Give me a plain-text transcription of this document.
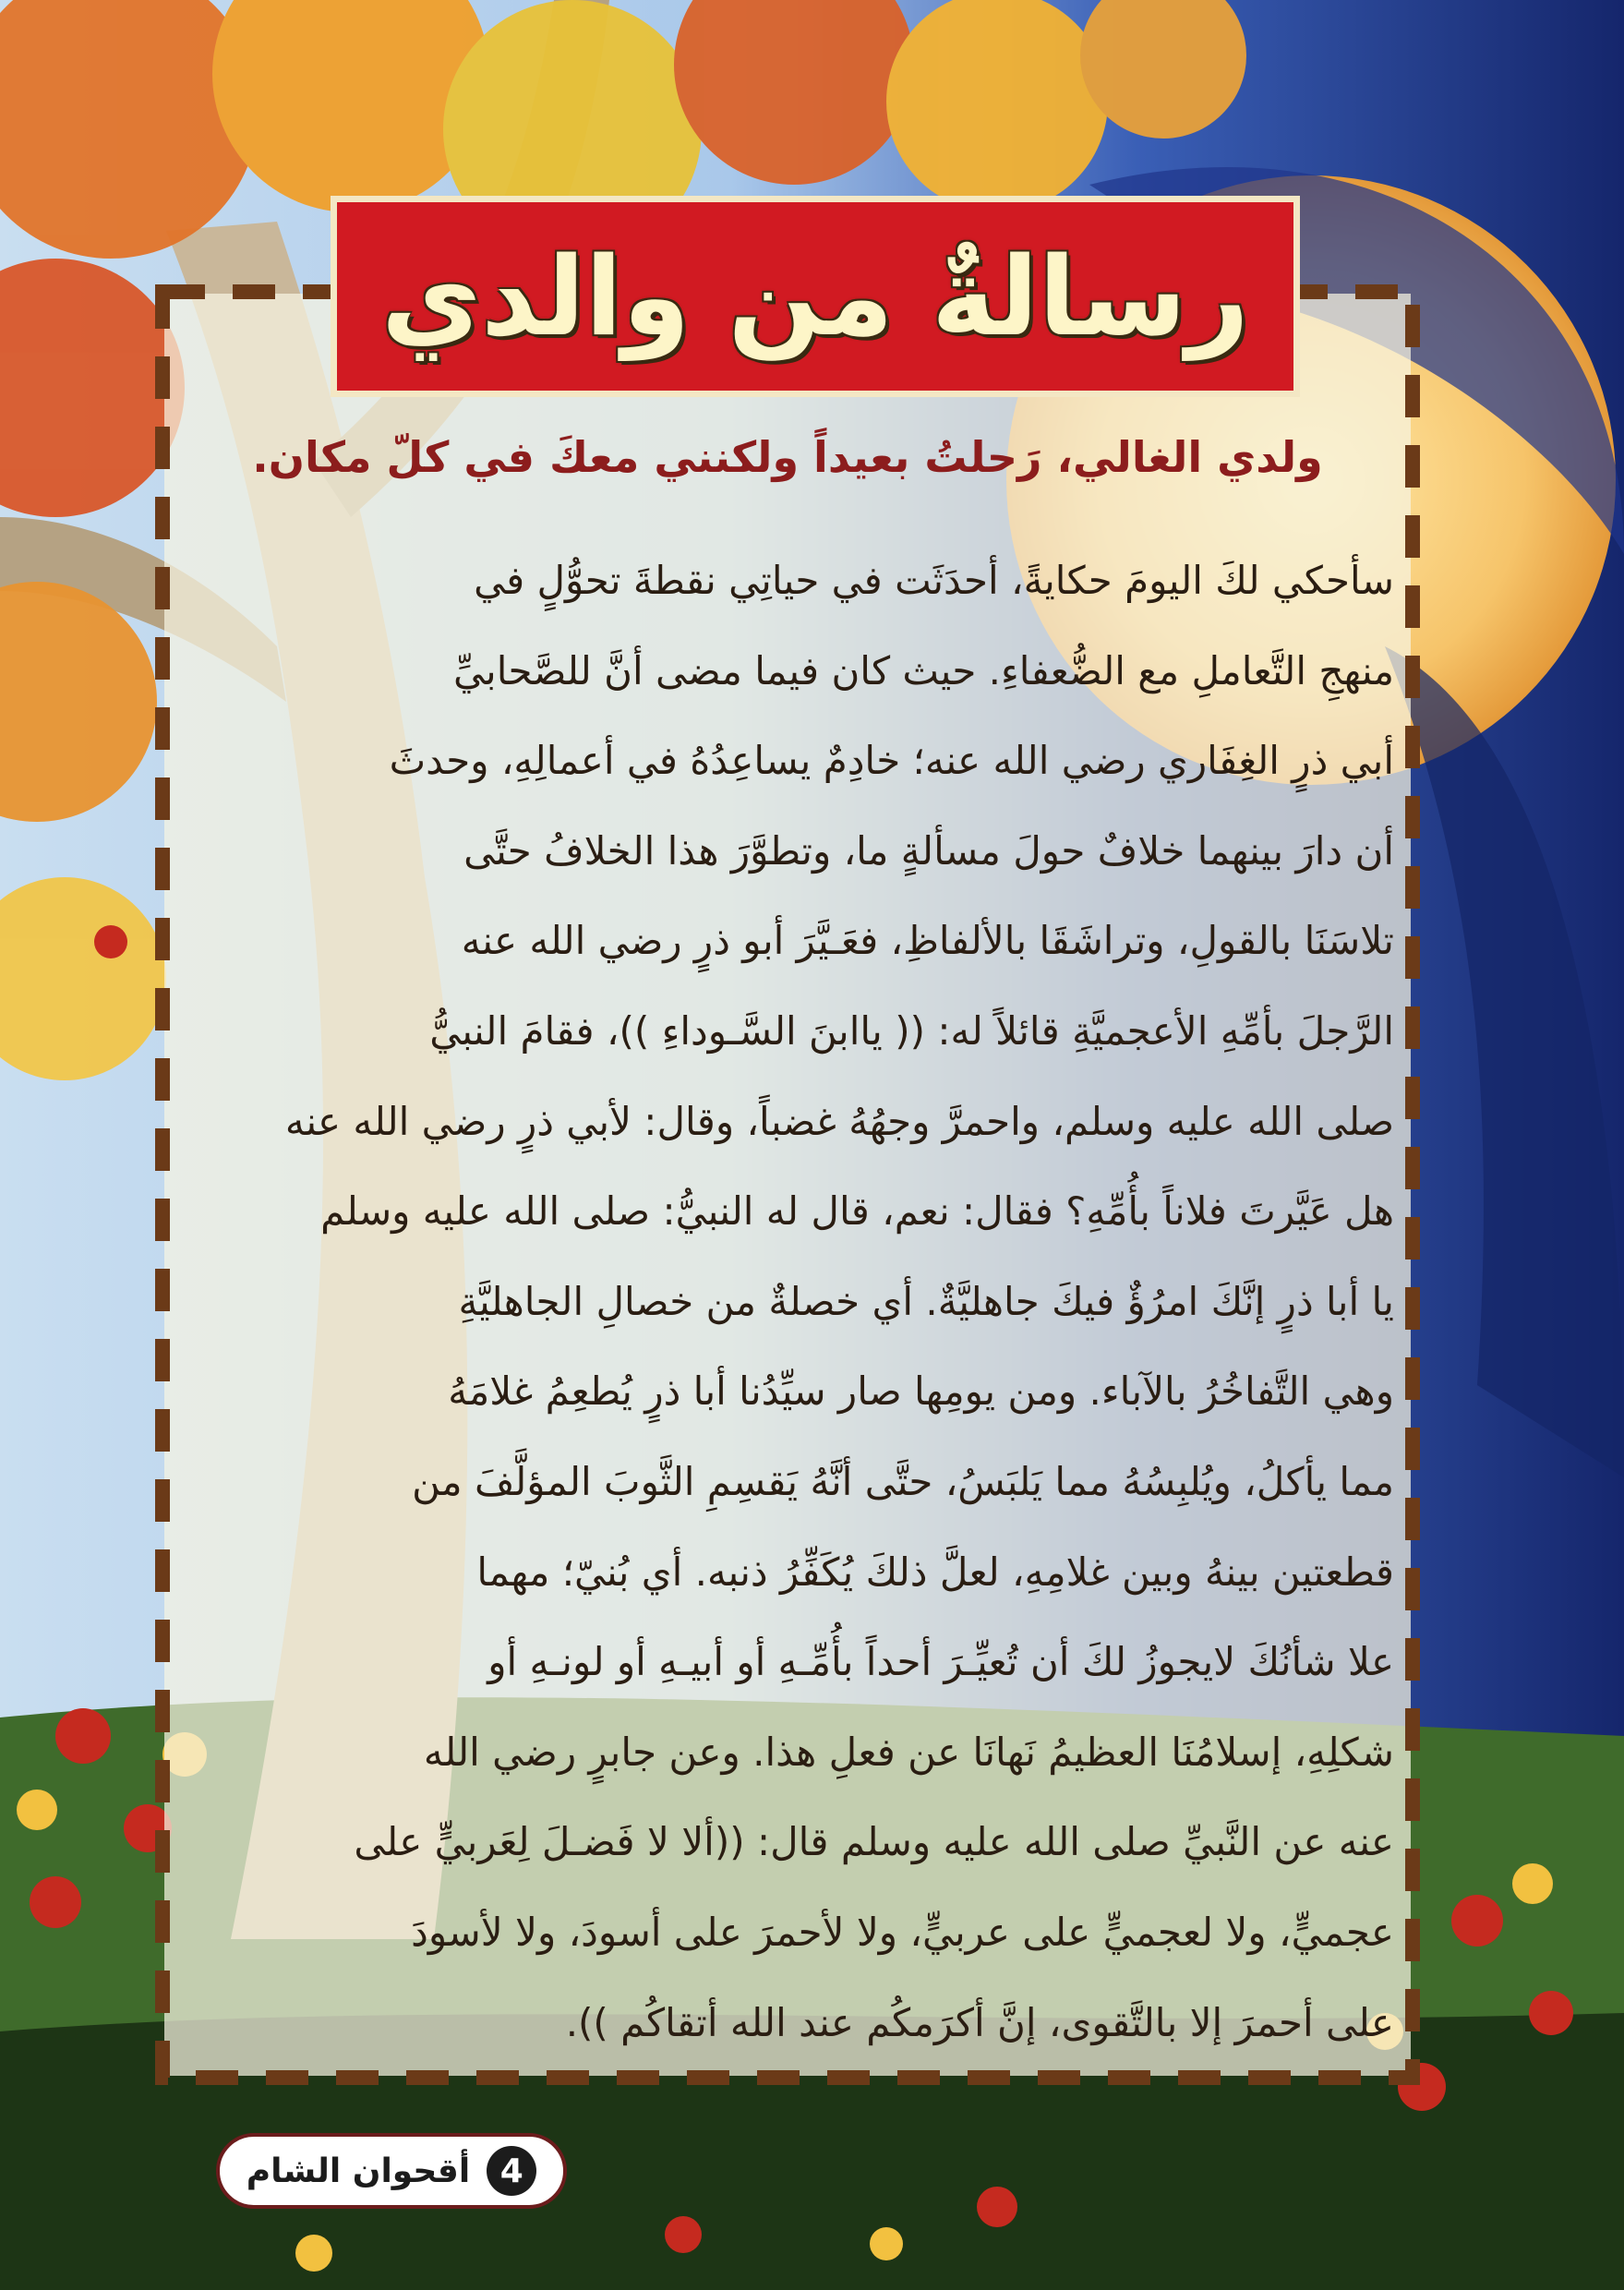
رسالةٌ من والدي
ولدي الغالي، رَحلتُ بعيداً ولكنني معكَ في كلّ مكان.
سأحكي لكَ اليومَ حكايةً، أحدَثَت في حياتِي نقطةَ تحوُّلٍ في
منهجِ التَّعاملِ مع الضُّعفاءِ. حيث كان فيما مضى أنَّ للصَّحابيِّ
أبي ذرٍ الغِفَاري رضي الله عنه؛ خادِمٌ يساعِدُهُ في أعمالِهِ، وحدثَ
أن دارَ بينهما خلافٌ حولَ مسألةٍ ما، وتطوَّرَ هذا الخلافُ حتَّى
تلاسَنَا بالقولِ، وتراشَقَا بالألفاظِ، فعَـيَّرَ أبو ذرٍ رضي الله عنه
الرَّجلَ بأمِّهِ الأعجميَّةِ قائلاً له: (( ياابنَ السَّـوداءِ ))، فقامَ النبيُّ
صلى الله عليه وسلم، واحمرَّ وجهُهُ غضباً، وقال: لأبي ذرٍ رضي الله عنه
هل عَيَّرتَ فلاناً بأُمِّهِ؟ فقال: نعم، قال له النبيُّ: صلى الله عليه وسلم
يا أبا ذرٍ إنَّكَ امرُؤٌ فيكَ جاهليَّةٌ. أي خصلةٌ من خصالِ الجاهليَّةِ
وهي التَّفاخُرُ بالآباء. ومن يومِها صار سيِّدُنا أبا ذرٍ يُطعِمُ غلامَهُ
مما يأكلُ، ويُلبِسُهُ مما يَلبَسُ، حتَّى أنَّهُ يَقسِمِ الثَّوبَ المؤلَّفَ من
قطعتين بينهُ وبين غلامِهِ، لعلَّ ذلكَ يُكَفِّرُ ذنبه. أي بُنيّ؛ مهما
علا شأنُكَ لايجوزُ لكَ أن تُعيِّـرَ أحداً بأُمِّـهِ أو أبيـهِ أو لونـهِ أو
شكلِهِ، إسلامُنَا العظيمُ نَهانَا عن فعلِ هذا. وعن جابرٍ رضي الله
عنه عن النَّبيِّ صلى الله عليه وسلم قال: ((ألا لا فَضـلَ لِعَربيٍّ على
عجميٍّ، ولا لعجميٍّ على عربيٍّ، ولا لأحمرَ على أسودَ، ولا لأسودَ
على أحمرَ إلا بالتَّقوى، إنَّ أكرَمكُم عند الله أتقاكُم )).
4
أقحوان الشام
